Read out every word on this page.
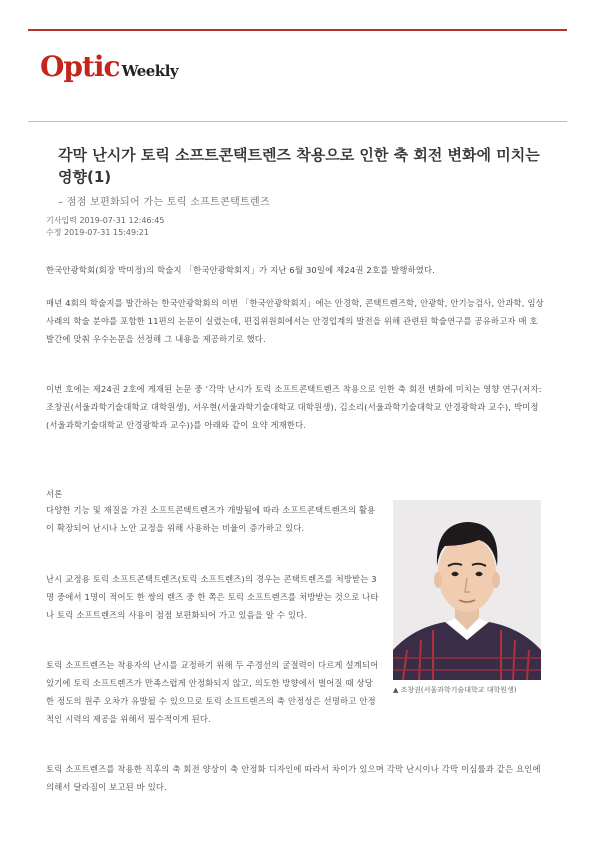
Optic Weekly
각막 난시가 토릭 소프트콘택트렌즈 착용으로 인한 축 회전 변화에 미치는 영향(1)
– 점점 보편화되어 가는 토릭 소프트콘택트렌즈
기사입력 2019-07-31 12:46:45
수정 2019-07-31 15:49:21

한국안광학회(회장 박미정)의 학술지 「한국안광학회지」가 지난 6월 30일에 제24권 2호를 발행하였다.

매년 4회의 학술지를 발간하는 한국안광학회의 이번 「한국안광학회지」에는 안경학, 콘택트렌즈학, 안광학, 안기능검사, 안과학, 임상사례의 학술 분야를 포함한 11편의 논문이 실렸는데, 편집위원회에서는 안경업계의 발전을 위해 관련된 학술연구를 공유하고자 매 호 발간에 맞춰 우수논문을 선정해 그 내용을 제공하기로 했다.

이번 호에는 제24권 2호에 게재된 논문 중 ‘각막 난시가 토릭 소프트콘택트렌즈 착용으로 인한 축 회전 변화에 미치는 영향 연구(저자: 조창권(서울과학기술대학교 대학원생), 서우현(서울과학기술대학교 대학원생), 김소리(서울과학기술대학교 안경광학과 교수), 박미정(서울과학기술대학교 안경광학과 교수))를 아래와 같이 요약 게재한다.

서론

다양한 기능 및 재질을 가진 소프트콘택트렌즈가 개발됨에 따라 소프트콘택트렌즈의 활용이 확장되어 난시나 노안 교정을 위해 사용하는 비율이 증가하고 있다.

난시 교정용 토릭 소프트콘택트렌즈(토릭 소프트렌즈)의 경우는 콘택트렌즈를 처방받는 3명 중에서 1명이 적어도 한 쌍의 렌즈 중 한 쪽은 토릭 소프트렌즈를 처방받는 것으로 나타나 토릭 소프트렌즈의 사용이 점점 보편화되어 가고 있음을 알 수 있다.

토릭 소프트렌즈는 착용자의 난시를 교정하기 위해 두 주경선의 굴절력이 다르게 설계되어 있기에 토릭 소프트렌즈가 만족스럽게 안정화되지 않고, 의도한 방향에서 벌어질 때 상당한 정도의 원주 오차가 유발될 수 있으므로 토릭 소프트렌즈의 축 안정성은 선명하고 안정적인 시력의 제공을 위해서 필수적이게 된다.

토릭 소프트렌즈를 착용한 직후의 축 회전 양상이 축 안정화 디자인에 따라서 차이가 있으며 각막 난시이나 각막 이심률과 같은 요인에 의해서 달라짐이 보고된 바 있다.

▲ 조창권(서울과학기술대학교 대학원생)
